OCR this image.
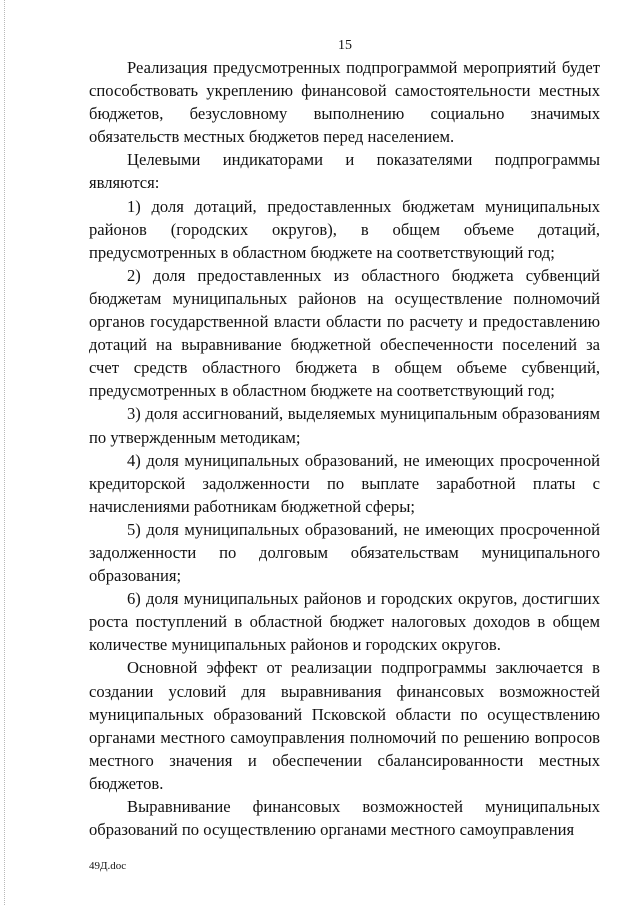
15

Реализация предусмотренных подпрограммой мероприятий будет способствовать укреплению финансовой самостоятельности местных бюджетов, безусловному выполнению социально значимых обязательств местных бюджетов перед населением.

Целевыми индикаторами и показателями подпрограммы являются:

1) доля дотаций, предоставленных бюджетам муниципальных районов (городских округов), в общем объеме дотаций, предусмотренных в областном бюджете на соответствующий год;

2) доля предоставленных из областного бюджета субвенций бюджетам муниципальных районов на осуществление полномочий органов государственной власти области по расчету и предоставлению дотаций на выравнивание бюджетной обеспеченности поселений за счет средств областного бюджета в общем объеме субвенций, предусмотренных в областном бюджете на соответствующий год;

3) доля ассигнований, выделяемых муниципальным образованиям по утвержденным методикам;

4) доля муниципальных образований, не имеющих просроченной кредиторской задолженности по выплате заработной платы с начислениями работникам бюджетной сферы;

5) доля муниципальных образований, не имеющих просроченной задолженности по долговым обязательствам муниципального образования;

6) доля муниципальных районов и городских округов, достигших роста поступлений в областной бюджет налоговых доходов в общем количестве муниципальных районов и городских округов.

Основной эффект от реализации подпрограммы заключается в создании условий для выравнивания финансовых возможностей муниципальных образований Псковской области по осуществлению органами местного самоуправления полномочий по решению вопросов местного значения и обеспечении сбалансированности местных бюджетов.

Выравнивание финансовых возможностей муниципальных образований по осуществлению органами местного самоуправления

49Д.doc
